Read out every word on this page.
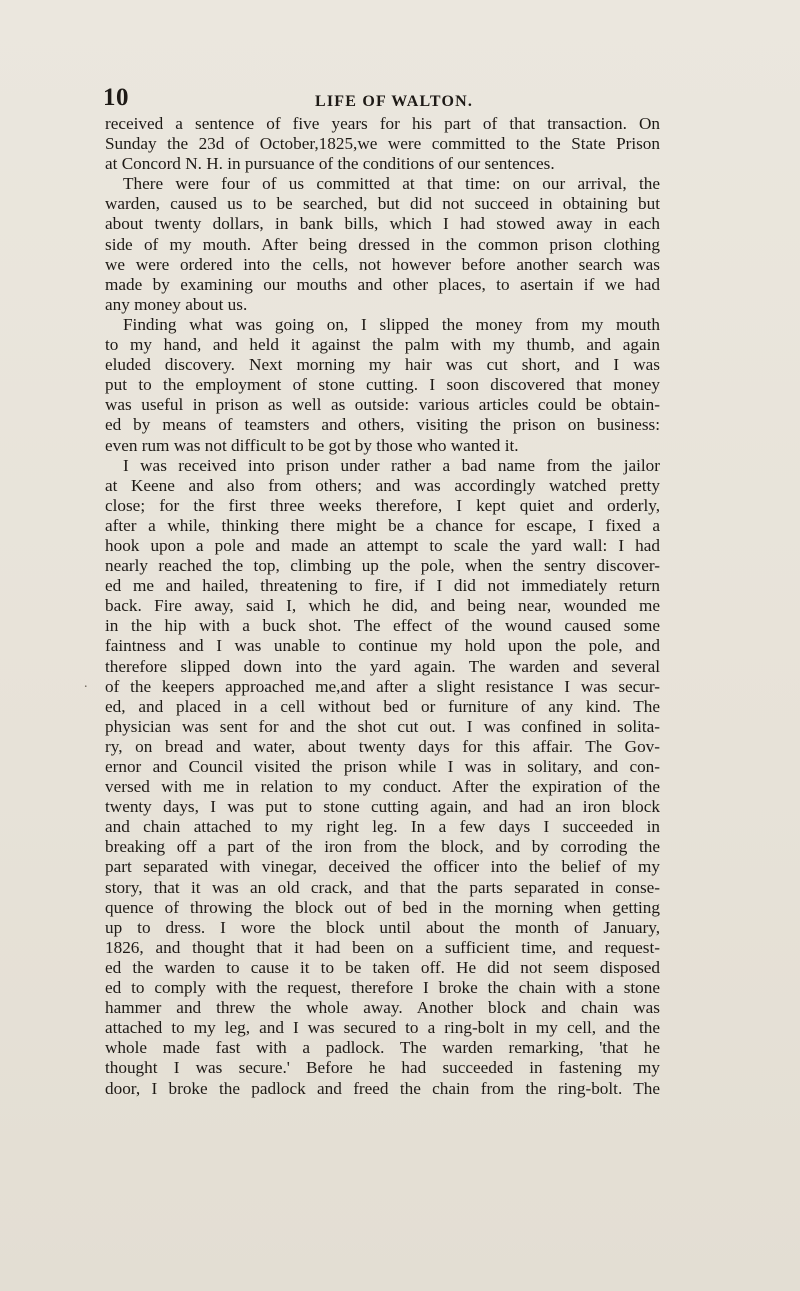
10	LIFE OF WALTON.
.
received a sentence of five years for his part of that transaction. On
Sunday the 23d of October,1825,we were committed to the State Prison
at Concord N. H. in pursuance of the conditions of our sentences.
There were four of us committed at that time: on our arrival, the
warden, caused us to be searched, but did not succeed in obtaining but
about twenty dollars, in bank bills, which I had stowed away in each
side of my mouth. After being dressed in the common prison clothing
we were ordered into the cells, not however before another search was
made by examining our mouths and other places, to asertain if we had
any money about us.
Finding what was going on, I slipped the money from my mouth
to my hand, and held it against the palm with my thumb, and again
eluded discovery. Next morning my hair was cut short, and I was
put to the employment of stone cutting. I soon discovered that money
was useful in prison as well as outside: various articles could be obtain-
ed by means of teamsters and others, visiting the prison on business:
even rum was not difficult to be got by those who wanted it.
I was received into prison under rather a bad name from the jailor
at Keene and also from others; and was accordingly watched pretty
close; for the first three weeks therefore, I kept quiet and orderly,
after a while, thinking there might be a chance for escape, I fixed a
hook upon a pole and made an attempt to scale the yard wall: I had
nearly reached the top, climbing up the pole, when the sentry discover-
ed me and hailed, threatening to fire, if I did not immediately return
back. Fire away, said I, which he did, and being near, wounded me
in the hip with a buck shot. The effect of the wound caused some
faintness and I was unable to continue my hold upon the pole, and
therefore slipped down into the yard again. The warden and several
of the keepers approached me,and after a slight resistance I was secur-
ed, and placed in a cell without bed or furniture of any kind. The
physician was sent for and the shot cut out. I was confined in solita-
ry, on bread and water, about twenty days for this affair. The Gov-
ernor and Council visited the prison while I was in solitary, and con-
versed with me in relation to my conduct. After the expiration of the
twenty days, I was put to stone cutting again, and had an iron block
and chain attached to my right leg. In a few days I succeeded in
breaking off a part of the iron from the block, and by corroding the
part separated with vinegar, deceived the officer into the belief of my
story, that it was an old crack, and that the parts separated in conse-
quence of throwing the block out of bed in the morning when getting
up to dress. I wore the block until about the month of January,
1826, and thought that it had been on a sufficient time, and request-
ed the warden to cause it to be taken off. He did not seem disposed
ed to comply with the request, therefore I broke the chain with a stone
hammer and threw the whole away. Another block and chain was
attached to my leg, and I was secured to a ring-bolt in my cell, and the
whole made fast with a padlock. The warden remarking, 'that he
thought I was secure.' Before he had succeeded in fastening my
door, I broke the padlock and freed the chain from the ring-bolt. The
